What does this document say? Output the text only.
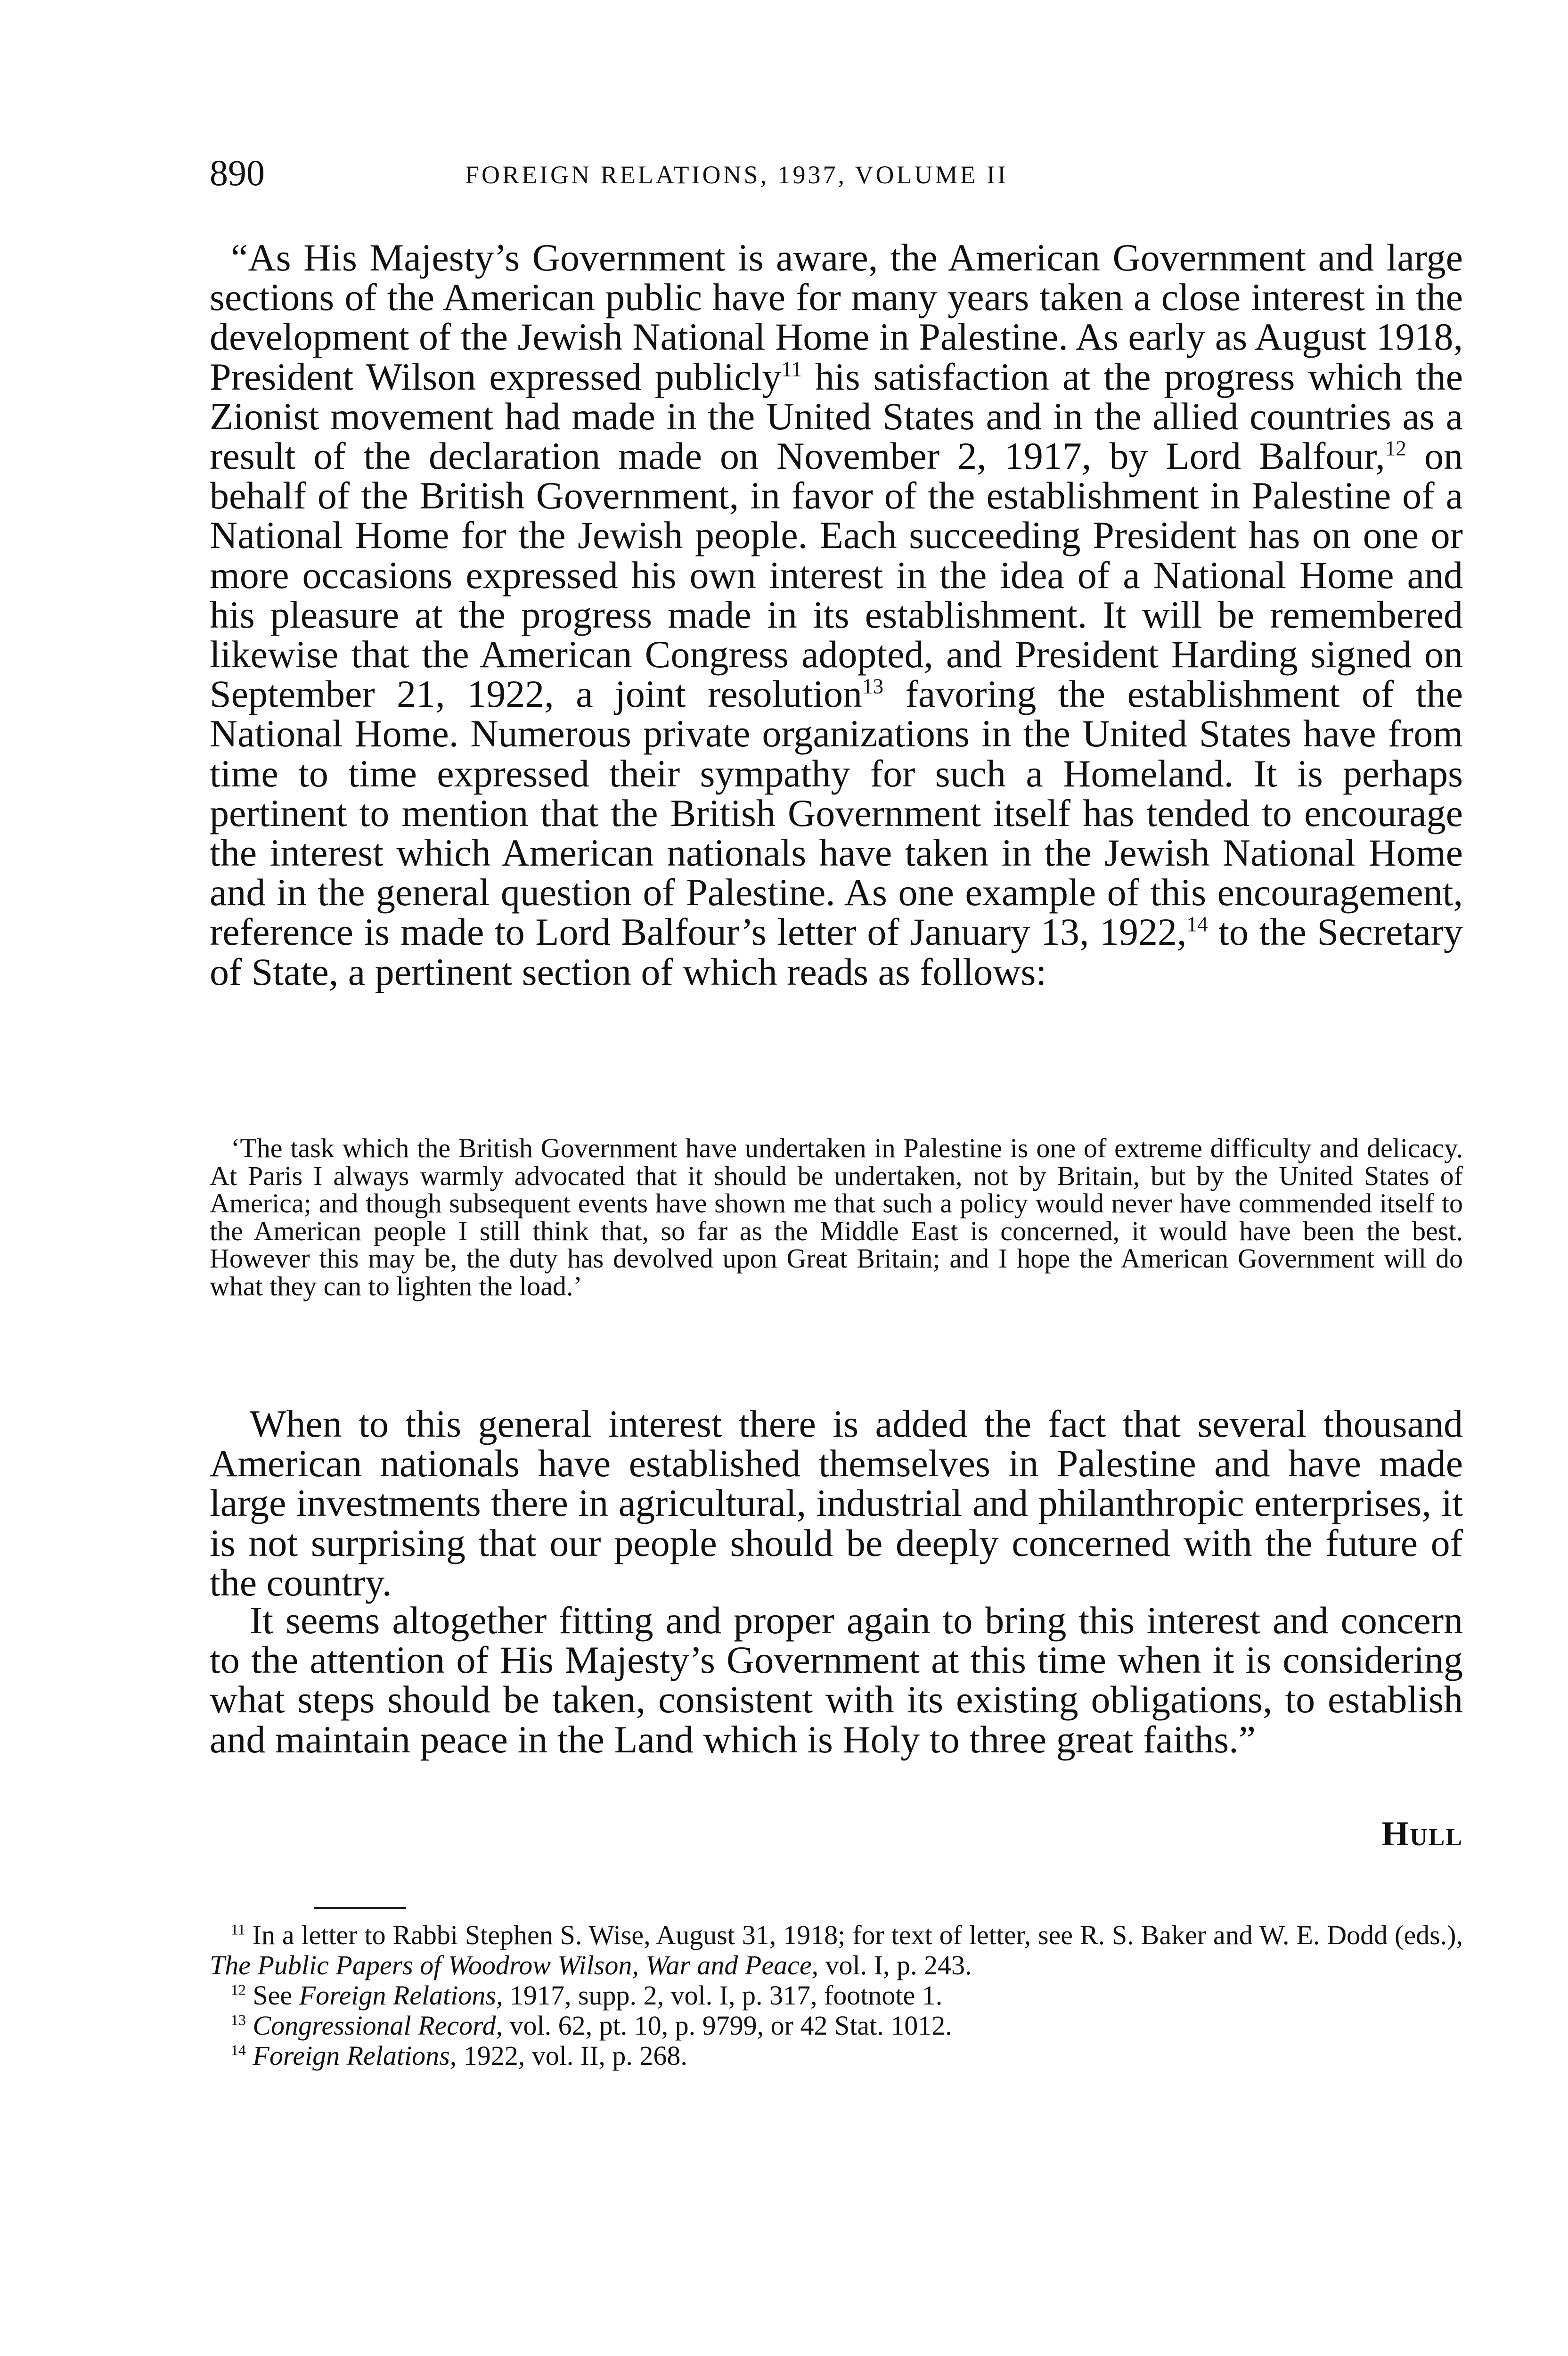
890	FOREIGN RELATIONS, 1937, VOLUME II

“As His Majesty’s Government is aware, the American Government and large sections of the American public have for many years taken a close interest in the development of the Jewish National Home in Palestine. As early as August 1918, President Wilson expressed publicly$^{11}$ his satisfaction at the progress which the Zionist movement had made in the United States and in the allied countries as a result of the declaration made on November 2, 1917, by Lord Balfour,$^{12}$ on behalf of the British Government, in favor of the establishment in Palestine of a National Home for the Jewish people. Each succeeding President has on one or more occasions expressed his own interest in the idea of a National Home and his pleasure at the progress made in its establishment. It will be remembered likewise that the American Congress adopted, and President Harding signed on September 21, 1922, a joint resolution$^{13}$ favoring the establishment of the National Home. Numerous private organizations in the United States have from time to time expressed their sympathy for such a Homeland. It is perhaps pertinent to mention that the British Government itself has tended to encourage the interest which American nationals have taken in the Jewish National Home and in the general question of Palestine. As one example of this encouragement, reference is made to Lord Balfour’s letter of January 13, 1922,14 to the Secretary of State, a pertinent section of which reads as follows:

‘The task which the British Government have undertaken in Palestine is one of extreme difficulty and delicacy. At Paris I always warmly advocated that it should be undertaken, not by Britain, but by the United States of America; and though subsequent events have shown me that such a policy would never have commended itself to the American people I still think that, so far as the Middle East is concerned, it would have been the best. However this may be, the duty has devolved upon Great Britain; and I hope the American Government will do what they can to lighten the load.’

When to this general interest there is added the fact that several thousand American nationals have established themselves in Palestine and have made large investments there in agricultural, industrial and philanthropic enterprises, it is not surprising that our people should be deeply concerned with the future of the country.

It seems altogether fitting and proper again to bring this interest and concern to the attention of His Majesty’s Government at this time when it is considering what steps should be taken, consistent with its existing obligations, to establish and maintain peace in the Land which is Holy to three great faiths.”

Hull

$^{11}$ In a letter to Rabbi Stephen S. Wise, August 31, 1918; for text of letter, see R. S. Baker and W. E. Dodd (eds.), The Public Papers of Woodrow Wilson, War and Peace, vol. I, p. 243.

$^{12}$ See Foreign Relations, 1917, supp. 2, vol. I, p. 317, footnote 1.

$^{13}$ Congressional Record, vol. 62, pt. 10, p. 9799, or 42 Stat. 1012.

$^{14}$ Foreign Relations, 1922, vol. II, p. 268.
